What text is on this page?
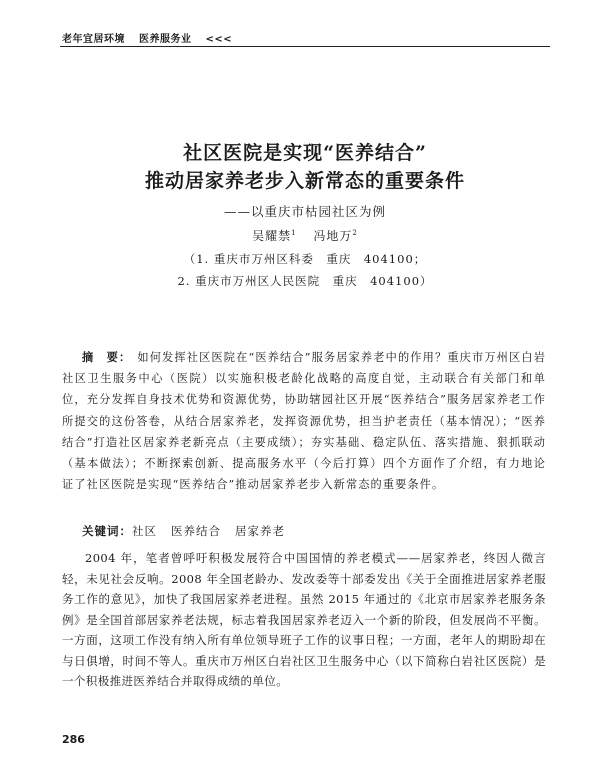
老年宜居环境 医养服务业 <<<
社区医院是实现“医养结合”
推动居家养老步入新常态的重要条件

——以重庆市枯园社区为例

吴耀禁$^1$ 冯地万$^2$

（1. 重庆市万州区科委　重庆　404100；

2. 重庆市万州区人民医院　重庆　404100）

摘　要： 如何发挥社区医院在“医养结合”服务居家养老中的作用？重庆市万州区白岩社区卫生服务中心（医院）以实施积极老龄化战略的高度自觉，主动联合有关部门和单位，充分发挥自身技术优势和资源优势，协助辖园社区开展“医养结合”服务居家养老工作所提交的这份答卷，从结合居家养老，发挥资源优势，担当护老责任（基本情况）；“医养结合”打造社区居家养老新亮点（主要成绩）；夯实基础、稳定队伍、落实措施、狠抓联动（基本做法）；不断探索创新、提高服务水平（今后打算）四个方面作了介绍，有力地论证了社区医院是实现“医养结合”推动居家养老步入新常态的重要条件。

关键词：社区 医养结合 居家养老

2004 年，笔者曾呼吁积极发展符合中国国情的养老模式——居家养老，终因人微言轻，未见社会反响。2008 年全国老龄办、发改委等十部委发出《关于全面推进居家养老服务工作的意见》，加快了我国居家养老进程。虽然 2015 年通过的《北京市居家养老服务条例》是全国首部居家养老法规，标志着我国居家养老迈入一个新的阶段，但发展尚不平衡。一方面，这项工作没有纳入所有单位领导班子工作的议事日程；一方面，老年人的期盼却在与日俱增，时间不等人。重庆市万州区白岩社区卫生服务中心（以下简称白岩社区医院）是一个积极推进医养结合并取得成绩的单位。

286
